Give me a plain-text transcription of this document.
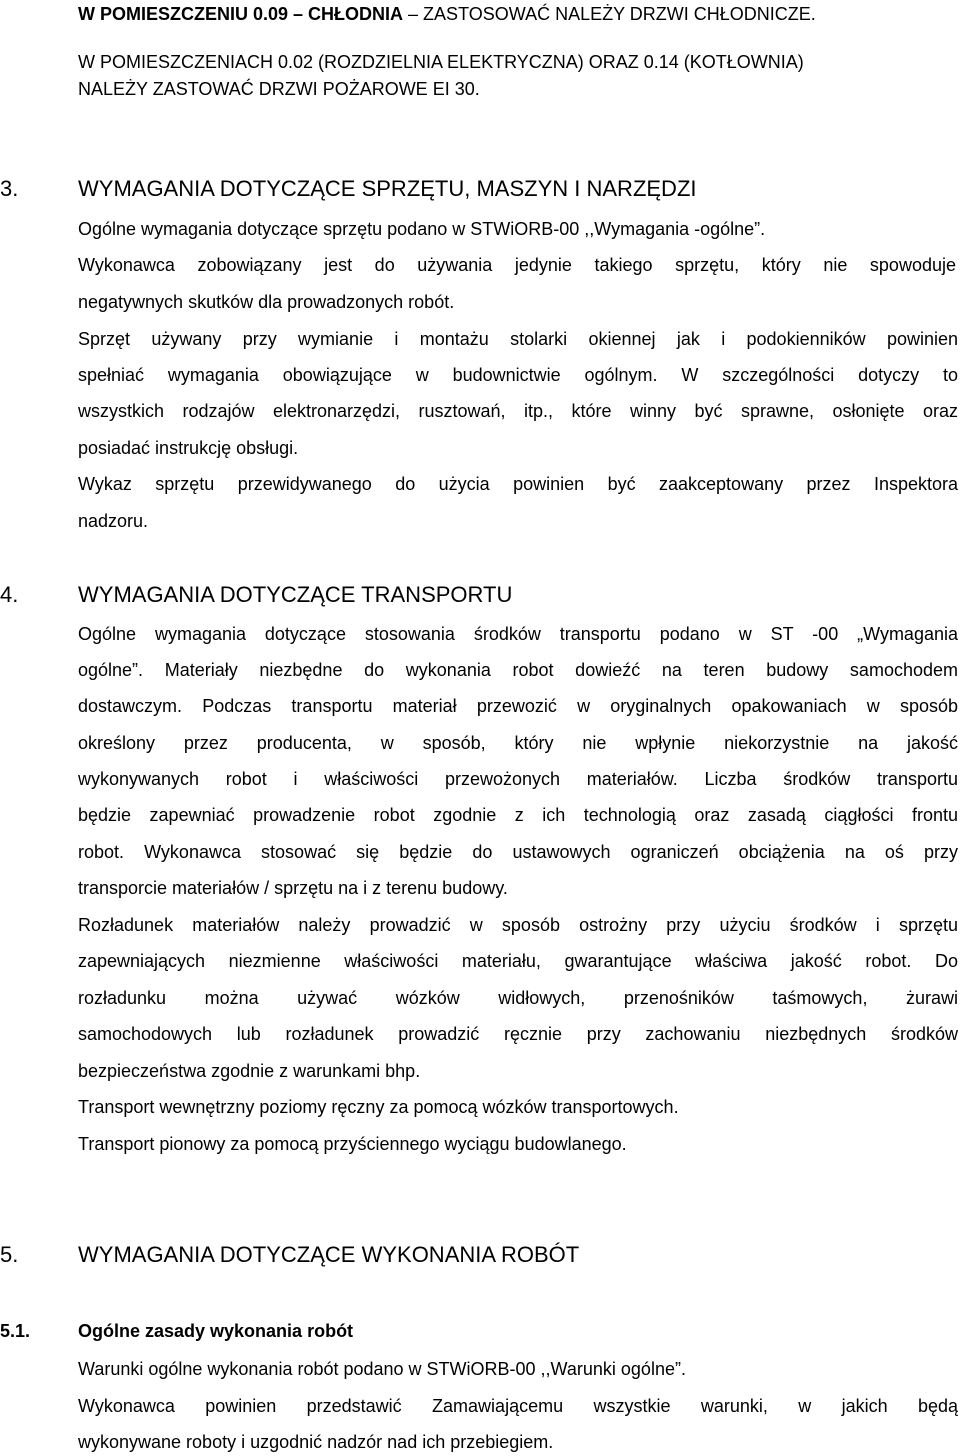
W POMIESZCZENIU 0.09 – CHŁODNIA – ZASTOSOWAĆ NALEŻY DRZWI CHŁODNICZE.
W POMIESZCZENIACH 0.02 (ROZDZIELNIA ELEKTRYCZNA) ORAZ 0.14 (KOTŁOWNIA)
NALEŻY ZASTOWAĆ DRZWI POŻAROWE EI 30.
3.	WYMAGANIA DOTYCZĄCE SPRZĘTU, MASZYN I NARZĘDZI
Ogólne wymagania dotyczące sprzętu podano w STWiORB-00 ,,Wymagania -ogólne”.
Wykonawca zobowiązany jest do używania jedynie takiego sprzętu, który nie spowoduje
negatywnych skutków dla prowadzonych robót.
Sprzęt używany przy wymianie i montażu stolarki okiennej jak i podokienników powinien
spełniać wymagania obowiązujące w budownictwie ogólnym. W szczególności dotyczy to
wszystkich rodzajów elektronarzędzi, rusztowań, itp., które winny być sprawne, osłonięte oraz
posiadać instrukcję obsługi.
Wykaz sprzętu przewidywanego do użycia powinien być zaakceptowany przez Inspektora
nadzoru.
4.	WYMAGANIA DOTYCZĄCE TRANSPORTU
Ogólne wymagania dotyczące stosowania środków transportu podano w ST -00 „Wymagania
ogólne”. Materiały niezbędne do wykonania robot dowieźć na teren budowy samochodem
dostawczym. Podczas transportu materiał przewozić w oryginalnych opakowaniach w sposób
określony przez producenta, w sposób, który nie wpłynie niekorzystnie na jakość
wykonywanych robot i właściwości przewożonych materiałów. Liczba środków transportu
będzie zapewniać prowadzenie robot zgodnie z ich technologią oraz zasadą ciągłości frontu
robot. Wykonawca stosować się będzie do ustawowych ograniczeń obciążenia na oś przy
transporcie materiałów / sprzętu na i z terenu budowy.
Rozładunek materiałów należy prowadzić w sposób ostrożny przy użyciu środków i sprzętu
zapewniających niezmienne właściwości materiału, gwarantujące właściwa jakość robot. Do
rozładunku można używać wózków widłowych, przenośników taśmowych, żurawi
samochodowych lub rozładunek prowadzić ręcznie przy zachowaniu niezbędnych środków
bezpieczeństwa zgodnie z warunkami bhp.
Transport wewnętrzny poziomy ręczny za pomocą wózków transportowych.
Transport pionowy za pomocą przyściennego wyciągu budowlanego.
5.	WYMAGANIA DOTYCZĄCE WYKONANIA ROBÓT
5.1.	Ogólne zasady wykonania robót
Warunki ogólne wykonania robót podano w STWiORB-00 ,,Warunki ogólne”.
Wykonawca powinien przedstawić Zamawiającemu wszystkie warunki, w jakich będą
wykonywane roboty i uzgodnić nadzór nad ich przebiegiem.
